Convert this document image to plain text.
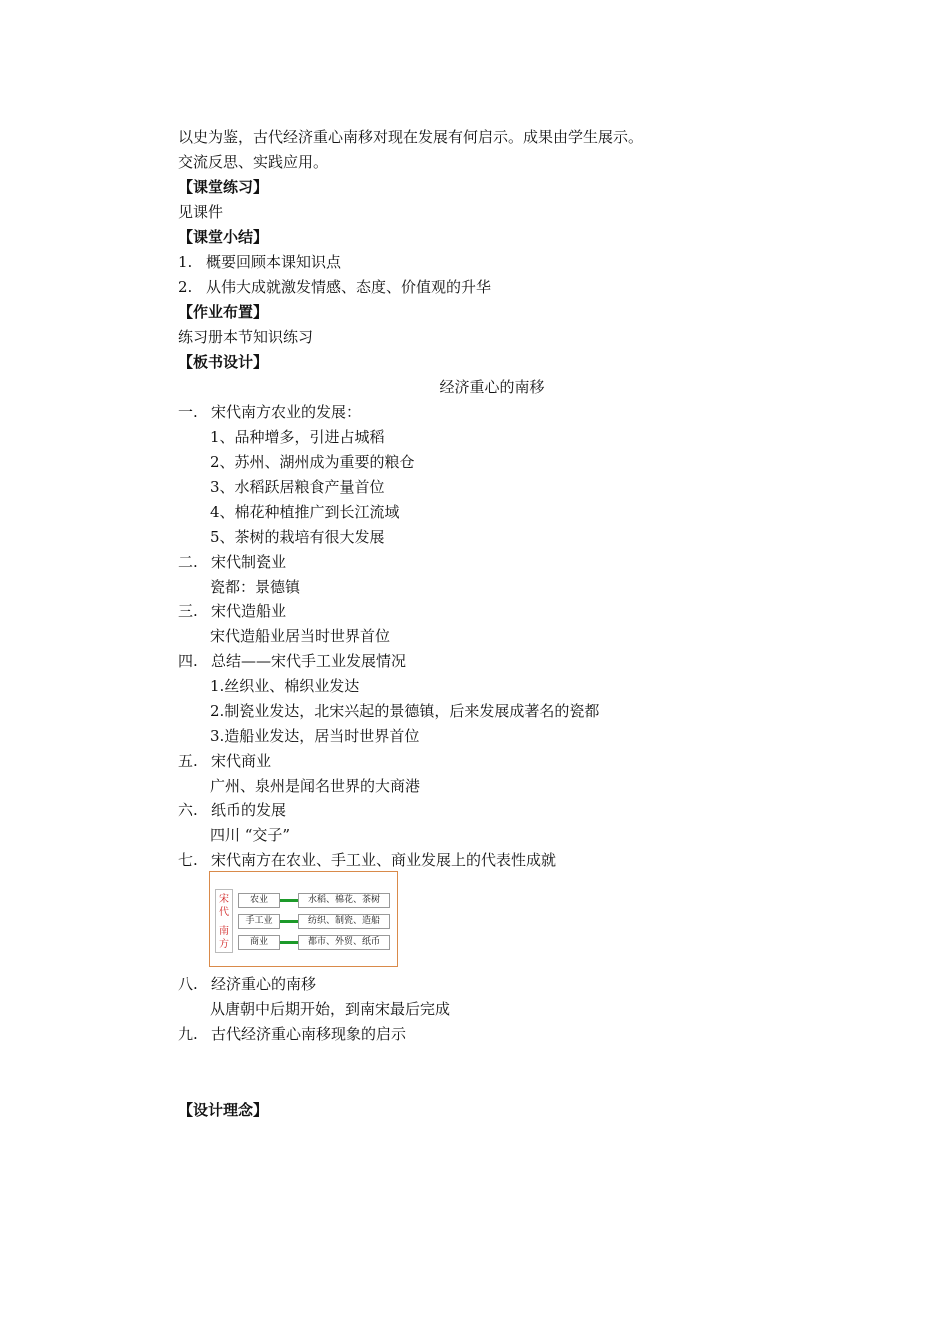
以史为鉴，古代经济重心南移对现在发展有何启示。成果由学生展示。
交流反思、实践应用。
【课堂练习】
见课件
【课堂小结】
1. 概要回顾本课知识点
2. 从伟大成就激发情感、态度、价值观的升华
【作业布置】
练习册本节知识练习
【板书设计】
经济重心的南移
一. 宋代南方农业的发展：
1、品种增多，引进占城稻
2、苏州、湖州成为重要的粮仓
3、水稻跃居粮食产量首位
4、棉花种植推广到长江流域
5、茶树的栽培有很大发展
二. 宋代制瓷业
瓷都：景德镇
三. 宋代造船业
宋代造船业居当时世界首位
四. 总结——宋代手工业发展情况
1.丝织业、棉织业发达
2.制瓷业发达，北宋兴起的景德镇，后来发展成著名的瓷都
3.造船业发达，居当时世界首位
五. 宋代商业
广州、泉州是闻名世界的大商港
六. 纸币的发展
四川 “交子”
七. 宋代南方在农业、手工业、商业发展上的代表性成就
宋
代
南
方
农业	水稻、棉花、茶树
手工业	纺织、制瓷、造船
商业	都市、外贸、纸币
八. 经济重心的南移
从唐朝中后期开始，到南宋最后完成
九. 古代经济重心南移现象的启示
【设计理念】
